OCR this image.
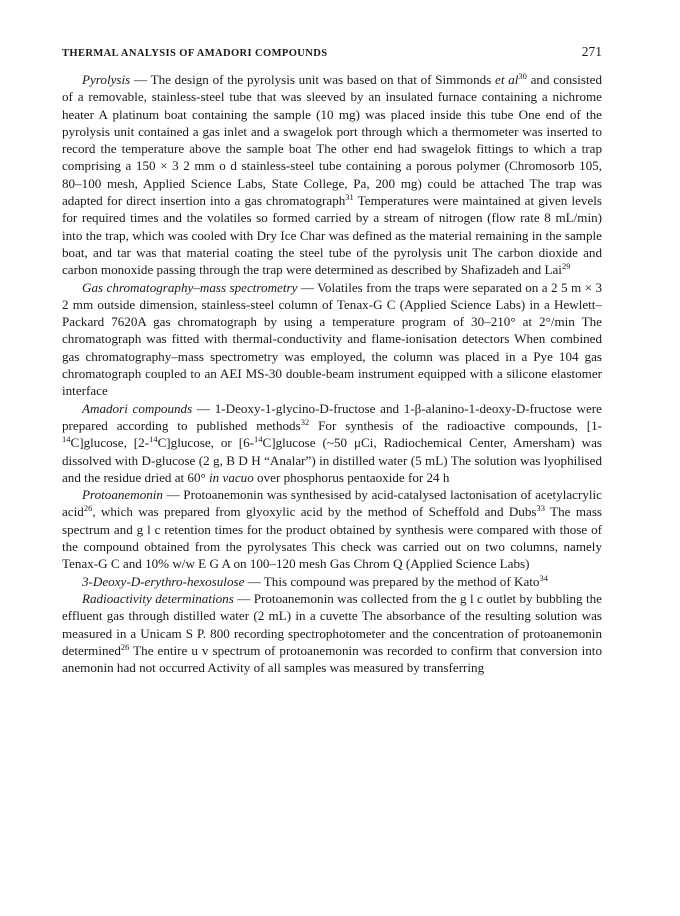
THERMAL ANALYSIS OF AMADORI COMPOUNDS	271

Pyrolysis — The design of the pyrolysis unit was based on that of Simmonds et $al^{30}$ and consisted of a removable, stainless-steel tube that was sleeved by an insulated furnace containing a nichrome heater A platinum boat containing the sample (10 mg) was placed inside this tube One end of the pyrolysis unit contained a gas inlet and a swagelok port through which a thermometer was inserted to record the temperature above the sample boat The other end had swagelok fittings to which a trap comprising a 150 × 3 2 mm o d stainless-steel tube containing a porous polymer (Chromosorb 105, 80–100 mesh, Applied Science Labs, State College, Pa, 200 mg) could be attached The trap was adapted for direct insertion into a gas chromatograph$^{31}$ Temperatures were maintained at given levels for required times and the volatiles so formed carried by a stream of nitrogen (flow rate 8 mL/min) into the trap, which was cooled with Dry Ice Char was defined as the material remaining in the sample boat, and tar was that material coating the steel tube of the pyrolysis unit The carbon dioxide and carbon monoxide passing through the trap were determined as described by Shafizadeh and Lai$^{29}$

Gas chromatography–mass spectrometry — Volatiles from the traps were separated on a 2 5 m × 3 2 mm outside dimension, stainless-steel column of Tenax-G C (Applied Science Labs) in a Hewlett–Packard 7620A gas chromatograph by using a temperature program of 30–210° at 2°/min The chromatograph was fitted with thermal-conductivity and flame-ionisation detectors When combined gas chromatography–mass spectrometry was employed, the column was placed in a Pye 104 gas chromatograph coupled to an AEI MS-30 double-beam instrument equipped with a silicone elastomer interface

Amadori compounds — 1-Deoxy-1-glycino-D-fructose and 1-β-alanino-1-deoxy-D-fructose were prepared according to published methods$^{32}$ For synthesis of the radioactive compounds, [1-$^{14}$C]glucose, [2-$^{14}$C]glucose, or [6-$^{14}$C]glucose (~50 μCi, Radiochemical Center, Amersham) was dissolved with D-glucose (2 g, B D H “Analar”) in distilled water (5 mL) The solution was lyophilised and the residue dried at 60° in vacuo over phosphorus pentaoxide for 24 h

Protoanemonin — Protoanemonin was synthesised by acid-catalysed lactonisation of acetylacrylic acid$^{26}$, which was prepared from glyoxylic acid by the method of Scheffold and Dubs$^{33}$ The mass spectrum and g l c retention times for the product obtained by synthesis were compared with those of the compound obtained from the pyrolysates This check was carried out on two columns, namely Tenax-G C and 10% w/w E G A on 100–120 mesh Gas Chrom Q (Applied Science Labs)

3-Deoxy-D-erythro-hexosulose — This compound was prepared by the method of Kato$^{34}$

Radioactivity determinations — Protoanemonin was collected from the g l c outlet by bubbling the effluent gas through distilled water (2 mL) in a cuvette The absorbance of the resulting solution was measured in a Unicam S P. 800 recording spectrophotometer and the concentration of protoanemonin determined$^{26}$ The entire u v spectrum of protoanemonin was recorded to confirm that conversion into anemonin had not occurred Activity of all samples was measured by transferring
